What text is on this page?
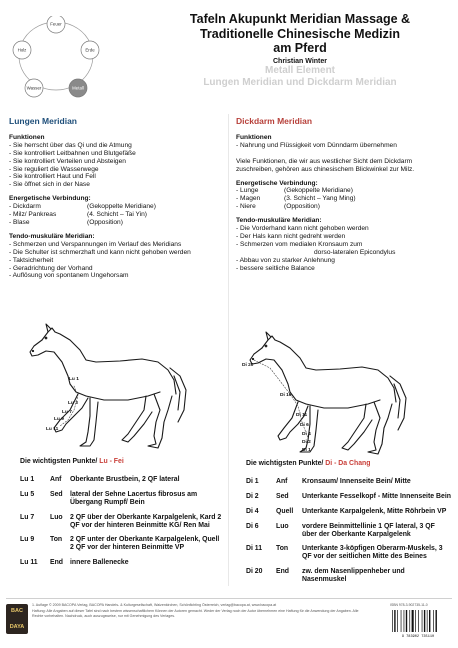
Feuer
Erde
Metall
Wasser
Holz
Tafeln Akupunkt Meridian Massage &
Traditionelle Chinesische Medizin
am Pferd
Christian Winter
Metall Element
Lungen Meridian und Dickdarm Meridian
Lungen Meridian
Funktionen
- Sie herrscht über das Qi und die Atmung
- Sie kontrolliert Leitbahnen und Blutgefäße
- Sie kontrolliert Verteilen und Absteigen
- Sie reguliert die Wasserwege
- Sie kontrolliert Haut und Fell
- Sie öffnet sich in der Nase
Energetische Verbindung:
- Dickdarm	(Gekoppelte Meridiane)
- Milz/ Pankreas	(4. Schicht – Tai Yin)
- Blase	(Opposition)
Tendo-muskuläre Meridian:
- Schmerzen und Verspannungen im Verlauf des Meridians
- Die Schulter ist schmerzhaft und kann nicht gehoben werden
- Taktsicherheit
- Geradrichtung der Vorhand
- Auflösung von spontanem Ungehorsam
Dickdarm Meridian
Funktionen
- Nahrung und Flüssigkeit vom Dünndarm übernehmen
Viele Funktionen, die wir aus westlicher Sicht dem Dickdarm zuschreiben, gehören aus chinesischem Blickwinkel zur Milz.
Energetische Verbindung:
- Lunge	(Gekoppelte Meridiane)
- Magen	(3. Schicht – Yang Ming)
- Niere	(Opposition)
Tendo-muskuläre Meridian:
- Die Vorderhand kann nicht gehoben werden
- Der Hals kann nicht gedreht werden
- Schmerzen vom medialen Kronsaum zum
dorso-lateralen Epicondylus
- Abbau von zu starker Anlehnung
- bessere seitliche Balance
Lu 1
Lu 3
Lu 7
Lu 9
Lu 11
Di 20
Di 16
Di 11
Di 6
Di 4
Di 2
Di 1
Die wichtigsten Punkte/ Lu - Fei
Lu 1	Anf	Oberkante Brustbein, 2 QF lateral
Lu 5	Sed	lateral der Sehne Lacertus fibrosus am Übergang Rumpf/ Bein
Lu 7	Luo	2 QF über der Oberkante Karpalgelenk, Kard 2 QF vor der hinteren Beinmitte KG/ Ren Mai
Lu 9	Ton	2 QF unter der Oberkante Karpalgelenk, Quell 2 QF vor der hinteren Beinmitte VP
Lu 11	End	innere Ballenecke
Die wichtigsten Punkte/ Di - Da Chang
Di 1	Anf	Kronsaum/ Innenseite Bein/ Mitte
Di 2	Sed	Unterkante Fesselkopf - Mitte Innenseite Bein
Di 4	Quell	Unterkante Karpalgelenk, Mitte Röhrbein VP
Di 6	Luo	vordere Beinmittellinie 1 QF lateral, 3 QF über der Oberkante Karpalgelenk
Di 11	Ton	Unterkante 3-köpfigen Oberarm-Muskels, 3 QF vor der seitlichen Mitte des Beines
Di 20	End	zw. dem Nasenlippenheber und Nasenmuskel
BAC
DAYA
1. Auflage © 2009 BACOPA Verlag, BACOPA Handels- & Kulturgesellschaft, Waizenkirchen, Schönfichting Österreich, verlag@bacopa.at, www.bacopa.at
Haftung: Alle Angaben auf dieser Tafel sind nach bestem wissenschaftlichem Können der Autoren gemacht. Weder der Verlag noch der Autor übernehmen eine Haftung für die Anwendung der Angaben. Alle Rechte vorbehalten. Nachdruck, auch auszugsweise, nur mit Genehmigung des Verlages.
ISBN 978-3-902735-11-0
9 783902 735110
